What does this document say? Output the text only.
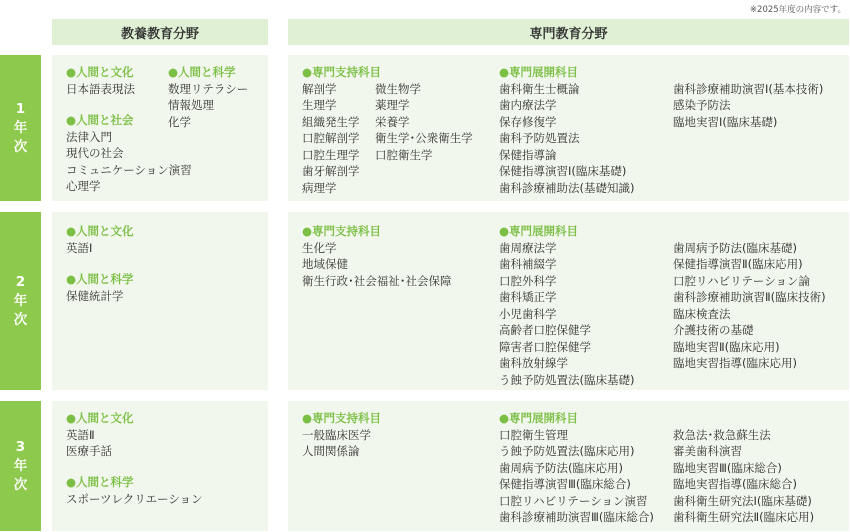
※2025年度の内容です。
教養教育分野	専門教育分野
1
年
次
● 人間と文化
日本語表現法
● 人間と社会
法律入門
現代の社会
コミュニケーション演習
心理学
● 人間と科学
数理リテラシー
情報処理
化学
● 専門支持科目
解剖学
生理学
組織発生学
口腔解剖学
口腔生理学
歯牙解剖学
病理学
微生物学
薬理学
栄養学
衛生学･公衆衛生学
口腔衛生学
● 専門展開科目
歯科衛生士概論
歯内療法学
保存修復学
歯科予防処置法
保健指導論
保健指導演習Ⅰ(臨床基礎)
歯科診療補助法(基礎知識)
歯科診療補助演習Ⅰ(基本技術)
感染予防法
臨地実習Ⅰ(臨床基礎)
2
年
次
● 人間と文化
英語Ⅰ
● 人間と科学
保健統計学
● 専門支持科目
生化学
地域保健
衛生行政･社会福祉･社会保障
● 専門展開科目
歯周療法学
歯科補綴学
口腔外科学
歯科矯正学
小児歯科学
高齢者口腔保健学
障害者口腔保健学
歯科放射線学
う蝕予防処置法(臨床基礎)
歯周病予防法(臨床基礎)
保健指導演習Ⅱ(臨床応用)
口腔リハビリテーション論
歯科診療補助演習Ⅱ(臨床技術)
臨床検査法
介護技術の基礎
臨地実習Ⅱ(臨床応用)
臨地実習指導(臨床応用)
3
年
次
● 人間と文化
英語Ⅱ
医療手話
● 人間と科学
スポーツレクリエーション
● 専門支持科目
一般臨床医学
人間関係論
● 専門展開科目
口腔衛生管理
う蝕予防処置法(臨床応用)
歯周病予防法(臨床応用)
保健指導演習Ⅲ(臨床総合)
口腔リハビリテーション演習
歯科診療補助演習Ⅲ(臨床総合)
救急法･救急蘇生法
審美歯科演習
臨地実習Ⅲ(臨床総合)
臨地実習指導(臨床総合)
歯科衛生研究法Ⅰ(臨床基礎)
歯科衛生研究法Ⅱ(臨床応用)
